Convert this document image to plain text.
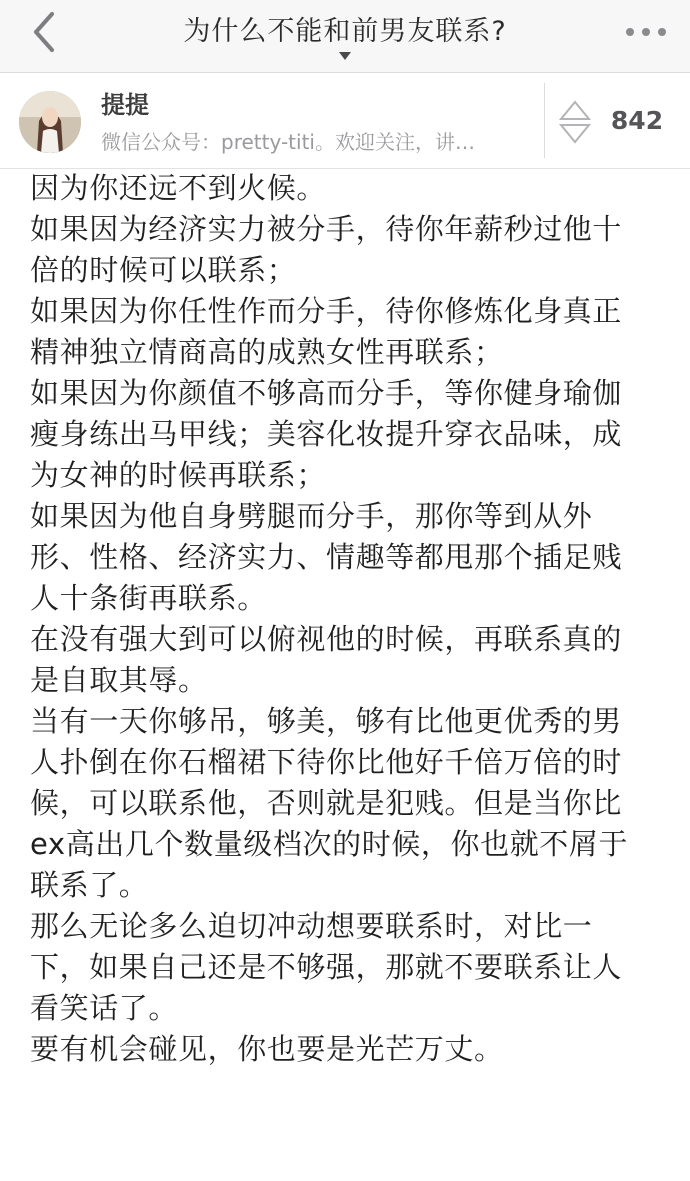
为什么不能和前男友联系?
提提
微信公众号：pretty-titi。欢迎关注，讲…
842
因为你还远不到火候。
如果因为经济实力被分手，待你年薪秒过他十
倍的时候可以联系；
如果因为你任性作而分手，待你修炼化身真正
精神独立情商高的成熟女性再联系；
如果因为你颜值不够高而分手，等你健身瑜伽
瘦身练出马甲线；美容化妆提升穿衣品味，成
为女神的时候再联系；
如果因为他自身劈腿而分手，那你等到从外
形、性格、经济实力、情趣等都甩那个插足贱
人十条街再联系。
在没有强大到可以俯视他的时候，再联系真的
是自取其辱。
当有一天你够吊，够美，够有比他更优秀的男
人扑倒在你石榴裙下待你比他好千倍万倍的时
候，可以联系他，否则就是犯贱。但是当你比
ex高出几个数量级档次的时候，你也就不屑于
联系了。
那么无论多么迫切冲动想要联系时，对比一
下，如果自己还是不够强，那就不要联系让人
看笑话了。
要有机会碰见，你也要是光芒万丈。
